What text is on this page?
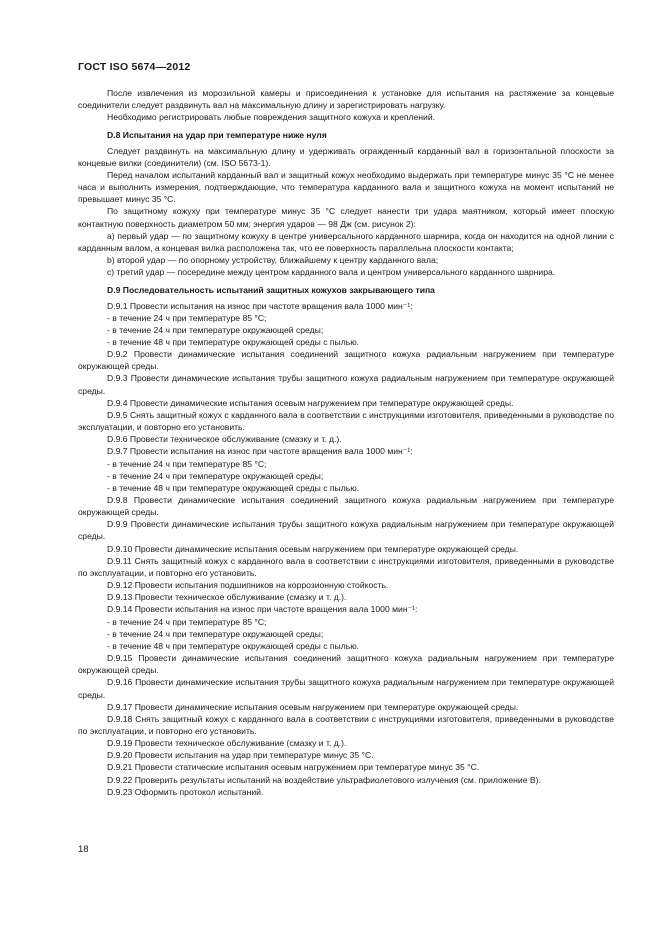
ГОСТ ISO 5674—2012

После извлечения из морозильной камеры и присоединения к установке для испытания на растяжение за концевые соединители следует раздвинуть вал на максимальную длину и зарегистрировать нагрузку.

Необходимо регистрировать любые повреждения защитного кожуха и креплений.

D.8 Испытания на удар при температуре ниже нуля

Следует раздвинуть на максимальную длину и удерживать огражденный карданный вал в горизонтальной плоскости за концевые вилки (соединители) (см. ISO 5673-1).

Перед началом испытаний карданный вал и защитный кожух необходимо выдержать при температуре минус 35 °C не менее часа и выполнить измерения, подтверждающие, что температура карданного вала и защитного кожуха на момент испытаний не превышает минус 35 °C.

По защитному кожуху при температуре минус 35 °C следует нанести три удара маятником, который имеет плоскую контактную поверхность диаметром 50 мм; энергия ударов — 98 Дж (см. рисунок 2):

a) первый удар — по защитному кожуху в центре универсального карданного шарнира, когда он находится на одной линии с карданным валом, а концевая вилка расположена так, что ее поверхность параллельна плоскости контакта;

b) второй удар — по опорному устройству, ближайшему к центру карданного вала;

c) третий удар — посередине между центром карданного вала и центром универсального карданного шарнира.

D.9 Последовательность испытаний защитных кожухов закрывающего типа

D.9.1 Провести испытания на износ при частоте вращения вала 1000 мин⁻¹:

- в течение 24 ч при температуре 85 °C;

- в течение 24 ч при температуре окружающей среды;

- в течение 48 ч при температуре окружающей среды с пылью.

D.9.2 Провести динамические испытания соединений защитного кожуха радиальным нагружением при температуре окружающей среды.

D.9.3 Провести динамические испытания трубы защитного кожуха радиальным нагружением при температуре окружающей среды.

D.9.4 Провести динамические испытания осевым нагружением при температуре окружающей среды.

D.9.5 Снять защитный кожух с карданного вала в соответствии с инструкциями изготовителя, приведенными в руководстве по эксплуатации, и повторно его установить.

D.9.6 Провести техническое обслуживание (смазку и т. д.).

D.9.7 Провести испытания на износ при частоте вращения вала 1000 мин⁻¹:

- в течение 24 ч при температуре 85 °C;

- в течение 24 ч при температуре окружающей среды;

- в течение 48 ч при температуре окружающей среды с пылью.

D.9.8 Провести динамические испытания соединений защитного кожуха радиальным нагружением при температуре окружающей среды.

D.9.9 Провести динамические испытания трубы защитного кожуха радиальным нагружением при температуре окружающей среды.

D.9.10 Провести динамические испытания осевым нагружением при температуре окружающей среды.

D.9.11 Снять защитный кожух с карданного вала в соответствии с инструкциями изготовителя, приведенными в руководстве по эксплуатации, и повторно его установить.

D.9.12 Провести испытания подшипников на коррозионную стойкость.

D.9.13 Провести техническое обслуживание (смазку и т. д.).

D.9.14 Провести испытания на износ при частоте вращения вала 1000 мин⁻¹:

- в течение 24 ч при температуре 85 °C;

- в течение 24 ч при температуре окружающей среды;

- в течение 48 ч при температуре окружающей среды с пылью.

D.9.15 Провести динамические испытания соединений защитного кожуха радиальным нагружением при температуре окружающей среды.

D.9.16 Провести динамические испытания трубы защитного кожуха радиальным нагружением при температуре окружающей среды.

D.9.17 Провести динамические испытания осевым нагружением при температуре окружающей среды.

D.9.18 Снять защитный кожух с карданного вала в соответствии с инструкциями изготовителя, приведенными в руководстве по эксплуатации, и повторно его установить.

D.9.19 Провести техническое обслуживание (смазку и т. д.).

D.9.20 Провести испытания на удар при температуре минус 35 °C.

D.9.21 Провести статические испытания осевым нагружением при температуре минус 35 °C.

D.9.22 Проверить результаты испытаний на воздействие ультрафиолетового излучения (см. приложение B).

D.9.23 Оформить протокол испытаний.

18
